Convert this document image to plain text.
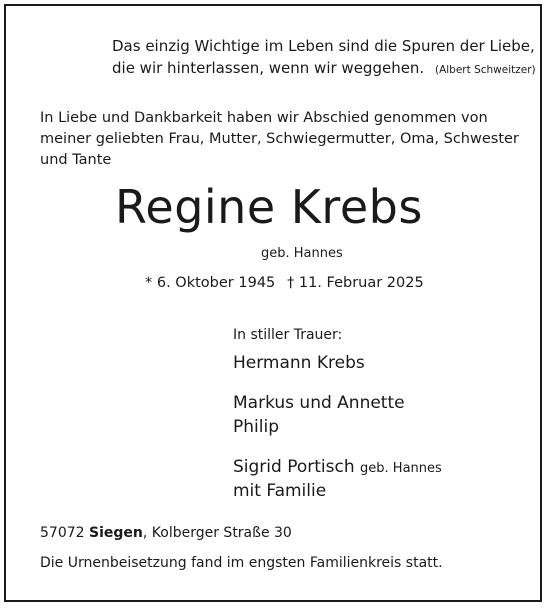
Das einzig Wichtige im Leben sind die Spuren der Liebe,
die wir hinterlassen, wenn wir weggehen. (Albert Schweitzer)
In Liebe und Dankbarkeit haben wir Abschied genommen von
meiner geliebten Frau, Mutter, Schwiegermutter, Oma, Schwester
und Tante
Regine Krebs
geb. Hannes
* 6. Oktober 1945 † 11. Februar 2025
In stiller Trauer:
Hermann Krebs
Markus und Annette
Philip
Sigrid Portisch geb. Hannes
mit Familie
57072 Siegen, Kolberger Straße 30
Die Urnenbeisetzung fand im engsten Familienkreis statt.
